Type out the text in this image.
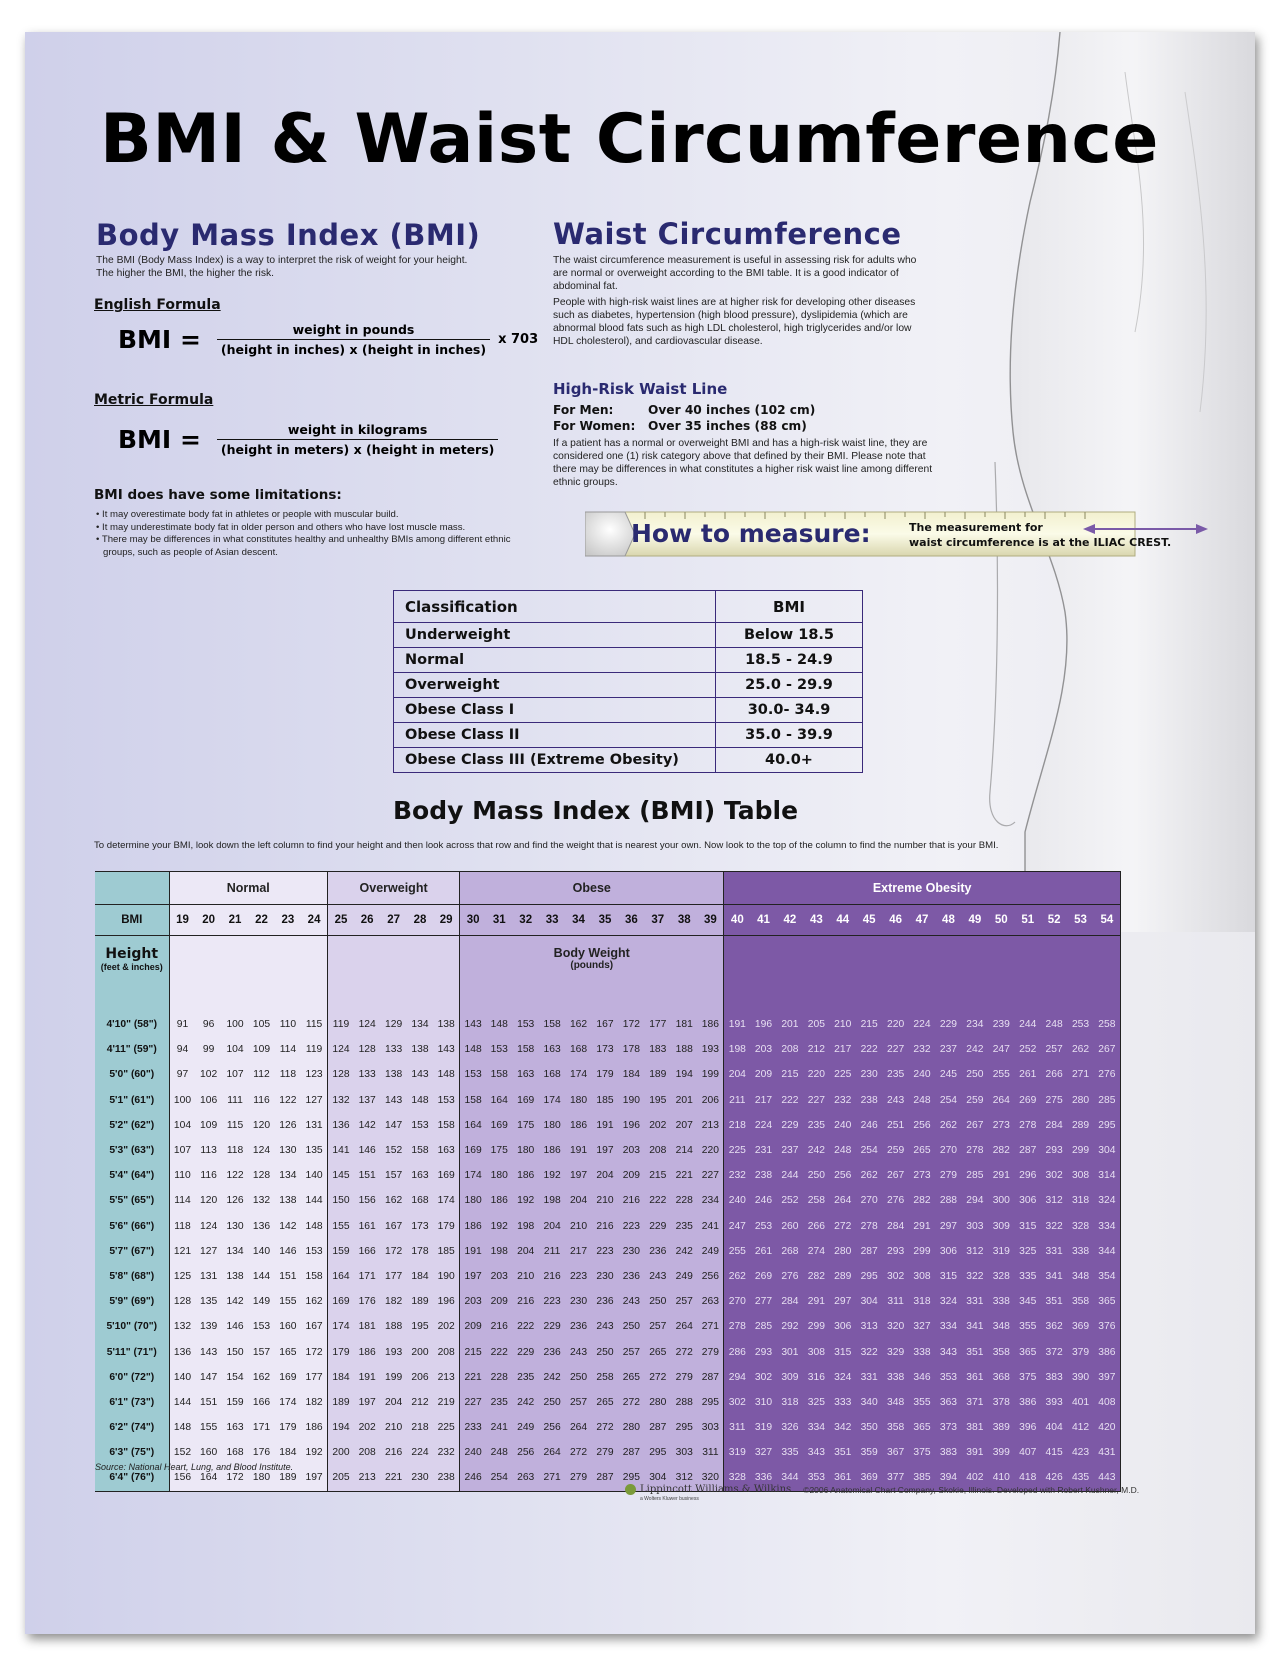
BMI & Waist Circumference
Body Mass Index (BMI)
The BMI (Body Mass Index) is a way to interpret the risk of weight for your height.
The higher the BMI, the higher the risk.
English Formula
BMI = $\frac{\text{weight in pounds}}{\text{(height in inches) x (height in inches)}}$ x 703
Metric Formula
BMI = $\frac{\text{weight in kilograms}}{\text{(height in meters) x (height in meters)}}$
BMI does have some limitations:
• It may overestimate body fat in athletes or people with muscular build.
• It may underestimate body fat in older person and others who have lost muscle mass.
• There may be differences in what constitutes healthy and unhealthy BMIs among different ethnic groups, such as people of Asian descent.
Waist Circumference
The waist circumference measurement is useful in assessing risk for adults who are normal or overweight according to the BMI table. It is a good indicator of abdominal fat.
People with high-risk waist lines are at higher risk for developing other diseases such as diabetes, hypertension (high blood pressure), dyslipidemia (which are abnormal blood fats such as high LDL cholesterol, high triglycerides and/or low HDL cholesterol), and cardiovascular disease.
High-Risk Waist Line
For Men:	Over 40 inches (102 cm)
For Women: Over 35 inches (88 cm)
If a patient has a normal or overweight BMI and has a high-risk waist line, they are considered one (1) risk category above that defined by their BMI. Please note that there may be differences in what constitutes a higher risk waist line among different ethnic groups.
How to measure:	The measurement for
waist circumference is at the ILIAC CREST.
Classification	BMI
Underweight	Below 18.5
Normal	18.5 - 24.9
Overweight	25.0 - 29.9
Obese Class I	30.0- 34.9
Obese Class II	35.0 - 39.9
Obese Class III (Extreme Obesity)	40.0+
Body Mass Index (BMI) Table
To determine your BMI, look down the left column to find your height and then look across that row and find the weight that is nearest your own. Now look to the top of the column to find the number that is your BMI.
	Normal						Overweight					Obese										Extreme Obesity														
BMI	19	20	21	22	23	24	25	26	27	28	29	30	31	32	33	34	35	36	37	38	39	40	41	42	43	44	45	46	47	48	49	50	51	52	53	54

Height
(feet & inches)												Body Weight
(pounds)																								

4'10" (58")	91	96	100	105	110	115	119	124	129	134	138	143	148	153	158	162	167	172	177	181	186	191	196	201	205	210	215	220	224	229	234	239	244	248	253	258
4'11" (59")	94	99	104	109	114	119	124	128	133	138	143	148	153	158	163	168	173	178	183	188	193	198	203	208	212	217	222	227	232	237	242	247	252	257	262	267
5'0" (60")	97	102	107	112	118	123	128	133	138	143	148	153	158	163	168	174	179	184	189	194	199	204	209	215	220	225	230	235	240	245	250	255	261	266	271	276
5'1" (61")	100	106	111	116	122	127	132	137	143	148	153	158	164	169	174	180	185	190	195	201	206	211	217	222	227	232	238	243	248	254	259	264	269	275	280	285
5'2" (62")	104	109	115	120	126	131	136	142	147	153	158	164	169	175	180	186	191	196	202	207	213	218	224	229	235	240	246	251	256	262	267	273	278	284	289	295
5'3" (63")	107	113	118	124	130	135	141	146	152	158	163	169	175	180	186	191	197	203	208	214	220	225	231	237	242	248	254	259	265	270	278	282	287	293	299	304
5'4" (64")	110	116	122	128	134	140	145	151	157	163	169	174	180	186	192	197	204	209	215	221	227	232	238	244	250	256	262	267	273	279	285	291	296	302	308	314
5'5" (65")	114	120	126	132	138	144	150	156	162	168	174	180	186	192	198	204	210	216	222	228	234	240	246	252	258	264	270	276	282	288	294	300	306	312	318	324
5'6" (66")	118	124	130	136	142	148	155	161	167	173	179	186	192	198	204	210	216	223	229	235	241	247	253	260	266	272	278	284	291	297	303	309	315	322	328	334
5'7" (67")	121	127	134	140	146	153	159	166	172	178	185	191	198	204	211	217	223	230	236	242	249	255	261	268	274	280	287	293	299	306	312	319	325	331	338	344
5'8" (68")	125	131	138	144	151	158	164	171	177	184	190	197	203	210	216	223	230	236	243	249	256	262	269	276	282	289	295	302	308	315	322	328	335	341	348	354
5'9" (69")	128	135	142	149	155	162	169	176	182	189	196	203	209	216	223	230	236	243	250	257	263	270	277	284	291	297	304	311	318	324	331	338	345	351	358	365
5'10" (70")	132	139	146	153	160	167	174	181	188	195	202	209	216	222	229	236	243	250	257	264	271	278	285	292	299	306	313	320	327	334	341	348	355	362	369	376
5'11" (71")	136	143	150	157	165	172	179	186	193	200	208	215	222	229	236	243	250	257	265	272	279	286	293	301	308	315	322	329	338	343	351	358	365	372	379	386
6'0" (72")	140	147	154	162	169	177	184	191	199	206	213	221	228	235	242	250	258	265	272	279	287	294	302	309	316	324	331	338	346	353	361	368	375	383	390	397
6'1" (73")	144	151	159	166	174	182	189	197	204	212	219	227	235	242	250	257	265	272	280	288	295	302	310	318	325	333	340	348	355	363	371	378	386	393	401	408
6'2" (74")	148	155	163	171	179	186	194	202	210	218	225	233	241	249	256	264	272	280	287	295	303	311	319	326	334	342	350	358	365	373	381	389	396	404	412	420
6'3" (75")	152	160	168	176	184	192	200	208	216	224	232	240	248	256	264	272	279	287	295	303	311	319	327	335	343	351	359	367	375	383	391	399	407	415	423	431
6'4" (76")	156	164	172	180	189	197	205	213	221	230	238	246	254	263	271	279	287	295	304	312	320	328	336	344	353	361	369	377	385	394	402	410	418	426	435	443
Source: National Heart, Lung, and Blood Institute.
Lippincott Williams & Wilkins
a Wolters Kluwer business
©2006 Anatomical Chart Company, Skokie, Illinois. Developed with Robert Kushner, M.D.
